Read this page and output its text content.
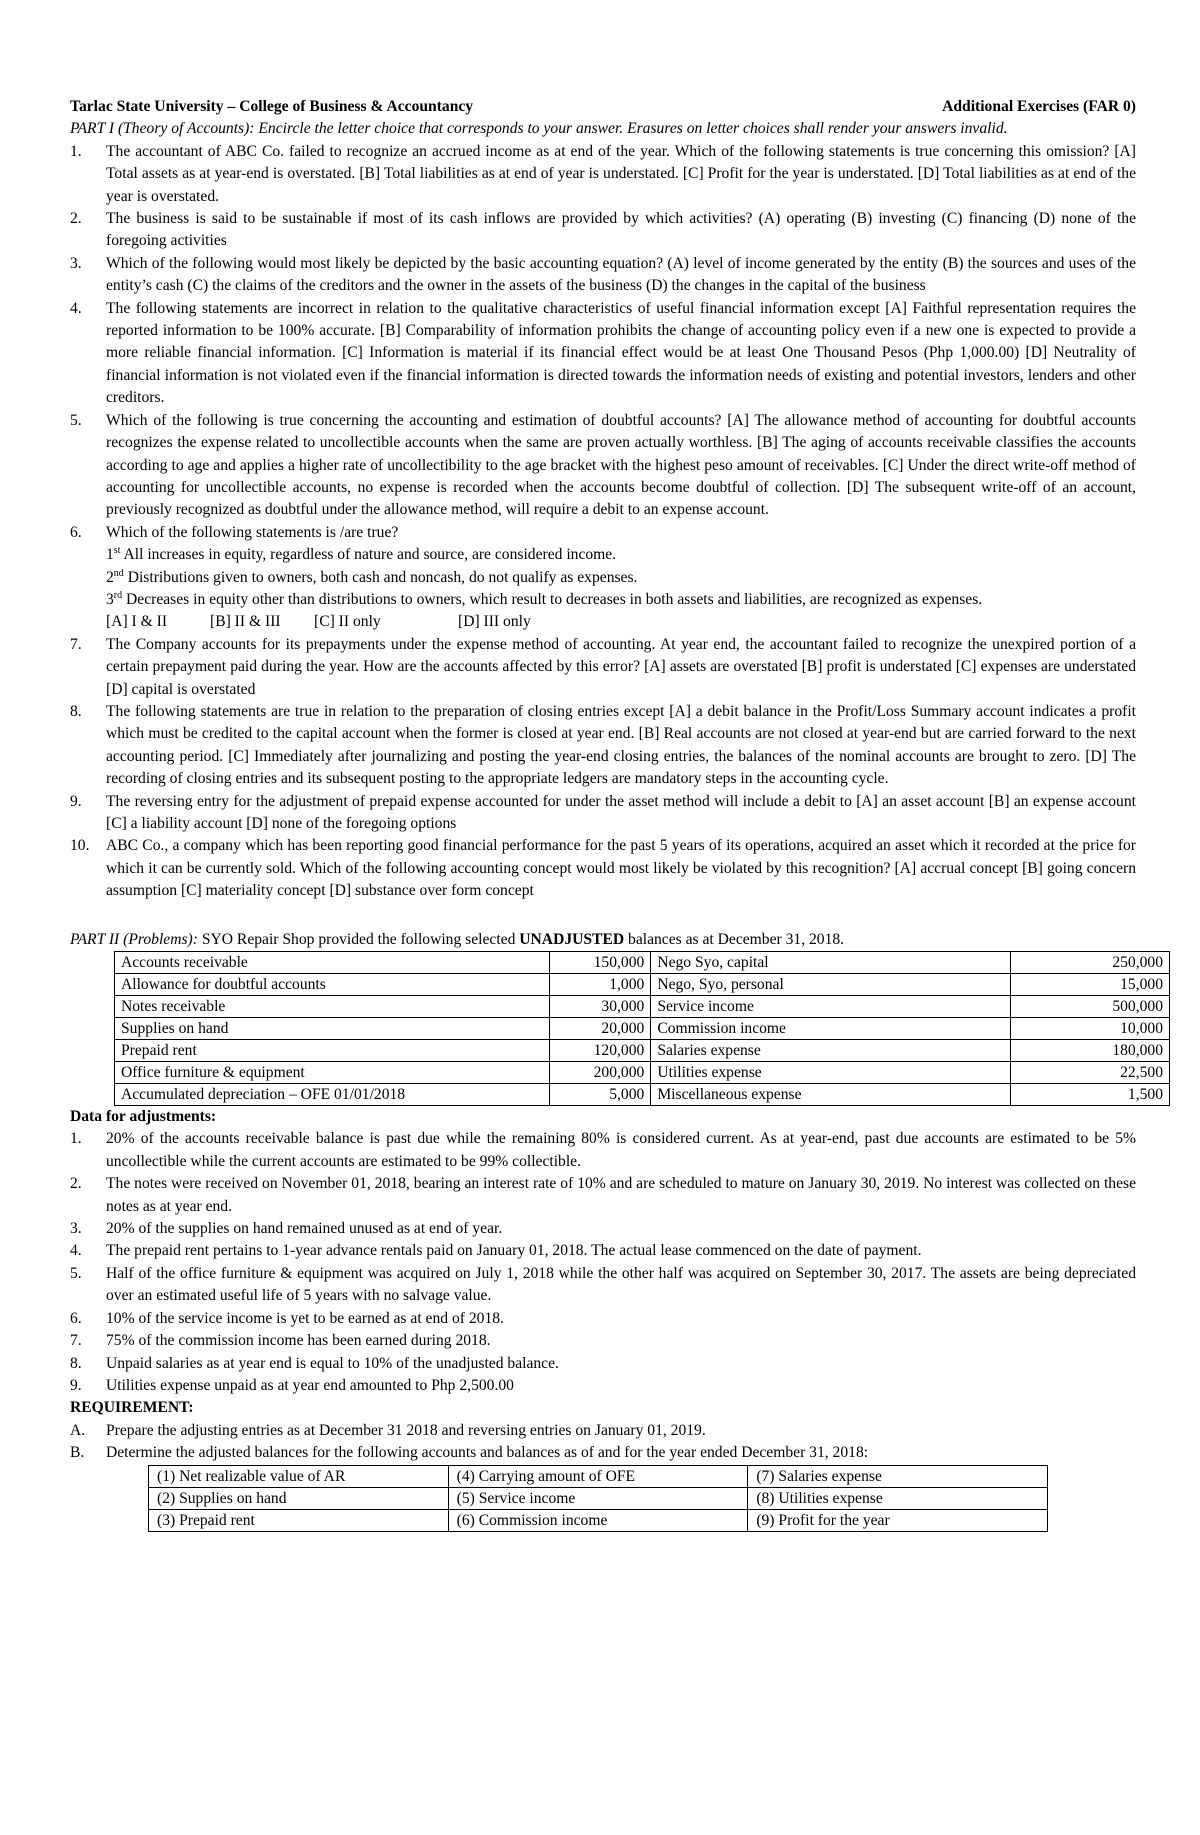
Tarlac State University – College of Business & Accountancy	Additional Exercises (FAR 0)
PART I (Theory of Accounts): Encircle the letter choice that corresponds to your answer. Erasures on letter choices shall render your answers invalid.
1.	The accountant of ABC Co. failed to recognize an accrued income as at end of the year. Which of the following statements is true concerning this omission? [A] Total assets as at year-end is overstated. [B] Total liabilities as at end of year is understated. [C] Profit for the year is understated. [D] Total liabilities as at end of the year is overstated.
2.	The business is said to be sustainable if most of its cash inflows are provided by which activities? (A) operating (B) investing (C) financing (D) none of the foregoing activities
3.	Which of the following would most likely be depicted by the basic accounting equation? (A) level of income generated by the entity (B) the sources and uses of the entity’s cash (C) the claims of the creditors and the owner in the assets of the business (D) the changes in the capital of the business
4.	The following statements are incorrect in relation to the qualitative characteristics of useful financial information except [A] Faithful representation requires the reported information to be 100% accurate. [B] Comparability of information prohibits the change of accounting policy even if a new one is expected to provide a more reliable financial information. [C] Information is material if its financial effect would be at least One Thousand Pesos (Php 1,000.00) [D] Neutrality of financial information is not violated even if the financial information is directed towards the information needs of existing and potential investors, lenders and other creditors.
5.	Which of the following is true concerning the accounting and estimation of doubtful accounts? [A] The allowance method of accounting for doubtful accounts recognizes the expense related to uncollectible accounts when the same are proven actually worthless. [B] The aging of accounts receivable classifies the accounts according to age and applies a higher rate of uncollectibility to the age bracket with the highest peso amount of receivables. [C] Under the direct write-off method of accounting for uncollectible accounts, no expense is recorded when the accounts become doubtful of collection. [D] The subsequent write-off of an account, previously recognized as doubtful under the allowance method, will require a debit to an expense account.
6.	Which of the following statements is /are true?
1st All increases in equity, regardless of nature and source, are considered income.
2nd Distributions given to owners, both cash and noncash, do not qualify as expenses.
3rd Decreases in equity other than distributions to owners, which result to decreases in both assets and liabilities, are recognized as expenses.
[A] I & II	[B] II & III	[C] II only	[D] III only
7.	The Company accounts for its prepayments under the expense method of accounting. At year end, the accountant failed to recognize the unexpired portion of a certain prepayment paid during the year. How are the accounts affected by this error? [A] assets are overstated [B] profit is understated [C] expenses are understated [D] capital is overstated
8.	The following statements are true in relation to the preparation of closing entries except [A] a debit balance in the Profit/Loss Summary account indicates a profit which must be credited to the capital account when the former is closed at year end. [B] Real accounts are not closed at year-end but are carried forward to the next accounting period. [C] Immediately after journalizing and posting the year-end closing entries, the balances of the nominal accounts are brought to zero. [D] The recording of closing entries and its subsequent posting to the appropriate ledgers are mandatory steps in the accounting cycle.
9.	The reversing entry for the adjustment of prepaid expense accounted for under the asset method will include a debit to [A] an asset account [B] an expense account [C] a liability account [D] none of the foregoing options
10.	ABC Co., a company which has been reporting good financial performance for the past 5 years of its operations, acquired an asset which it recorded at the price for which it can be currently sold. Which of the following accounting concept would most likely be violated by this recognition? [A] accrual concept [B] going concern assumption [C] materiality concept [D] substance over form concept
PART II (Problems): SYO Repair Shop provided the following selected UNADJUSTED balances as at December 31, 2018.
Accounts receivable	150,000	Nego Syo, capital	250,000
Allowance for doubtful accounts	1,000	Nego, Syo, personal	15,000
Notes receivable	30,000	Service income	500,000
Supplies on hand	20,000	Commission income	10,000
Prepaid rent	120,000	Salaries expense	180,000
Office furniture & equipment	200,000	Utilities expense	22,500
Accumulated depreciation – OFE 01/01/2018	5,000	Miscellaneous expense	1,500
Data for adjustments:
1.	20% of the accounts receivable balance is past due while the remaining 80% is considered current. As at year-end, past due accounts are estimated to be 5% uncollectible while the current accounts are estimated to be 99% collectible.
2.	The notes were received on November 01, 2018, bearing an interest rate of 10% and are scheduled to mature on January 30, 2019. No interest was collected on these notes as at year end.
3.	20% of the supplies on hand remained unused as at end of year.
4.	The prepaid rent pertains to 1-year advance rentals paid on January 01, 2018. The actual lease commenced on the date of payment.
5.	Half of the office furniture & equipment was acquired on July 1, 2018 while the other half was acquired on September 30, 2017. The assets are being depreciated over an estimated useful life of 5 years with no salvage value.
6.	10% of the service income is yet to be earned as at end of 2018.
7.	75% of the commission income has been earned during 2018.
8.	Unpaid salaries as at year end is equal to 10% of the unadjusted balance.
9.	Utilities expense unpaid as at year end amounted to Php 2,500.00
REQUIREMENT:
A.	Prepare the adjusting entries as at December 31 2018 and reversing entries on January 01, 2019.
B.	Determine the adjusted balances for the following accounts and balances as of and for the year ended December 31, 2018:
(1) Net realizable value of AR	(4) Carrying amount of OFE	(7) Salaries expense
(2) Supplies on hand	(5) Service income	(8) Utilities expense
(3) Prepaid rent	(6) Commission income	(9) Profit for the year
